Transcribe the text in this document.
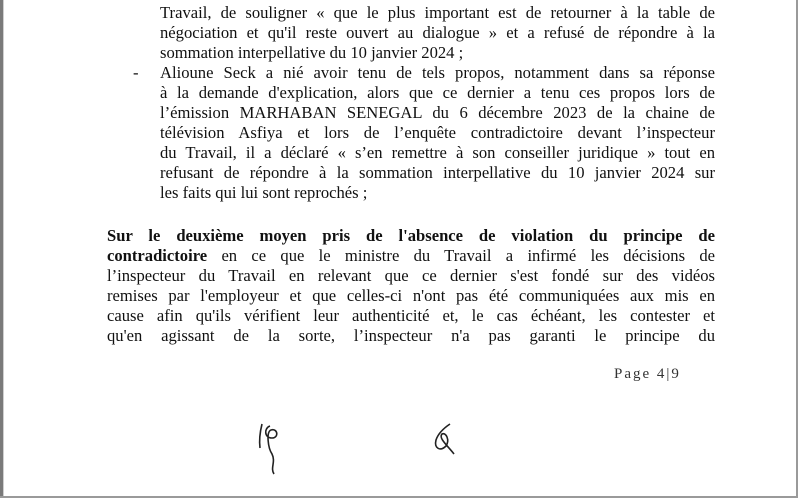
Travail, de souligner « que le plus important est de retourner à la table de

négociation et qu'il reste ouvert au dialogue » et a refusé de répondre à la

sommation interpellative du 10 janvier 2024 ;

- Alioune Seck a nié avoir tenu de tels propos, notamment dans sa réponse

à la demande d'explication, alors que ce dernier a tenu ces propos lors de

l’émission MARHABAN SENEGAL du 6 décembre 2023 de la chaine de

télévision Asfiya et lors de l’enquête contradictoire devant l’inspecteur

du Travail, il a déclaré « s’en remettre à son conseiller juridique » tout en

refusant de répondre à la sommation interpellative du 10 janvier 2024 sur

les faits qui lui sont reprochés ;

Sur le deuxième moyen pris de l'absence de violation du principe de

contradictoire en ce que le ministre du Travail a infirmé les décisions de

l’inspecteur du Travail en relevant que ce dernier s'est fondé sur des vidéos

remises par l'employeur et que celles-ci n'ont pas été communiquées aux mis en

cause afin qu'ils vérifient leur authenticité et, le cas échéant, les contester et

qu'en agissant de la sorte, l’inspecteur n'a pas garanti le principe du

Page 4|9
